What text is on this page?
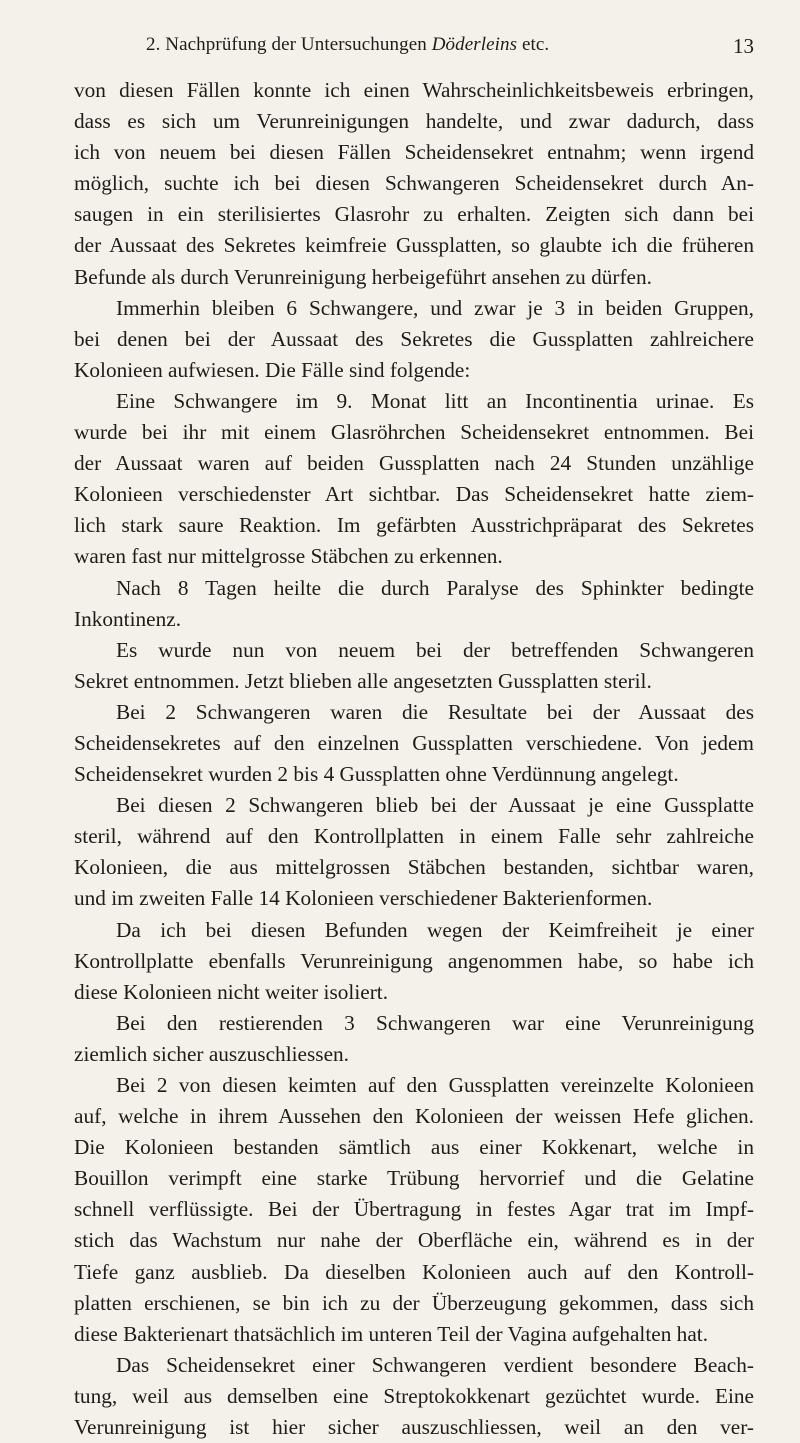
2. Nachprüfung der Untersuchungen Döderleins etc.	13
von diesen Fällen konnte ich einen Wahrscheinlichkeitsbeweis erbringen,
dass es sich um Verunreinigungen handelte, und zwar dadurch, dass
ich von neuem bei diesen Fällen Scheidensekret entnahm; wenn irgend
möglich, suchte ich bei diesen Schwangeren Scheidensekret durch An-
saugen in ein sterilisiertes Glasrohr zu erhalten. Zeigten sich dann bei
der Aussaat des Sekretes keimfreie Gussplatten, so glaubte ich die früheren
Befunde als durch Verunreinigung herbeigeführt ansehen zu dürfen.
Immerhin bleiben 6 Schwangere, und zwar je 3 in beiden Gruppen,
bei denen bei der Aussaat des Sekretes die Gussplatten zahlreichere
Kolonieen aufwiesen. Die Fälle sind folgende:
Eine Schwangere im 9. Monat litt an Incontinentia urinae. Es
wurde bei ihr mit einem Glasröhrchen Scheidensekret entnommen. Bei
der Aussaat waren auf beiden Gussplatten nach 24 Stunden unzählige
Kolonieen verschiedenster Art sichtbar. Das Scheidensekret hatte ziem-
lich stark saure Reaktion. Im gefärbten Ausstrichpräparat des Sekretes
waren fast nur mittelgrosse Stäbchen zu erkennen.
Nach 8 Tagen heilte die durch Paralyse des Sphinkter bedingte
Inkontinenz.
Es wurde nun von neuem bei der betreffenden Schwangeren
Sekret entnommen. Jetzt blieben alle angesetzten Gussplatten steril.
Bei 2 Schwangeren waren die Resultate bei der Aussaat des
Scheidensekretes auf den einzelnen Gussplatten verschiedene. Von jedem
Scheidensekret wurden 2 bis 4 Gussplatten ohne Verdünnung angelegt.
Bei diesen 2 Schwangeren blieb bei der Aussaat je eine Gussplatte
steril, während auf den Kontrollplatten in einem Falle sehr zahlreiche
Kolonieen, die aus mittelgrossen Stäbchen bestanden, sichtbar waren,
und im zweiten Falle 14 Kolonieen verschiedener Bakterienformen.
Da ich bei diesen Befunden wegen der Keimfreiheit je einer
Kontrollplatte ebenfalls Verunreinigung angenommen habe, so habe ich
diese Kolonieen nicht weiter isoliert.
Bei den restierenden 3 Schwangeren war eine Verunreinigung
ziemlich sicher auszuschliessen.
Bei 2 von diesen keimten auf den Gussplatten vereinzelte Kolonieen
auf, welche in ihrem Aussehen den Kolonieen der weissen Hefe glichen.
Die Kolonieen bestanden sämtlich aus einer Kokkenart, welche in
Bouillon verimpft eine starke Trübung hervorrief und die Gelatine
schnell verflüssigte. Bei der Übertragung in festes Agar trat im Impf-
stich das Wachstum nur nahe der Oberfläche ein, während es in der
Tiefe ganz ausblieb. Da dieselben Kolonieen auch auf den Kontroll-
platten erschienen, se bin ich zu der Überzeugung gekommen, dass sich
diese Bakterienart thatsächlich im unteren Teil der Vagina aufgehalten hat.
Das Scheidensekret einer Schwangeren verdient besondere Beach-
tung, weil aus demselben eine Streptokokkenart gezüchtet wurde. Eine
Verunreinigung ist hier sicher auszuschliessen, weil an den ver-
